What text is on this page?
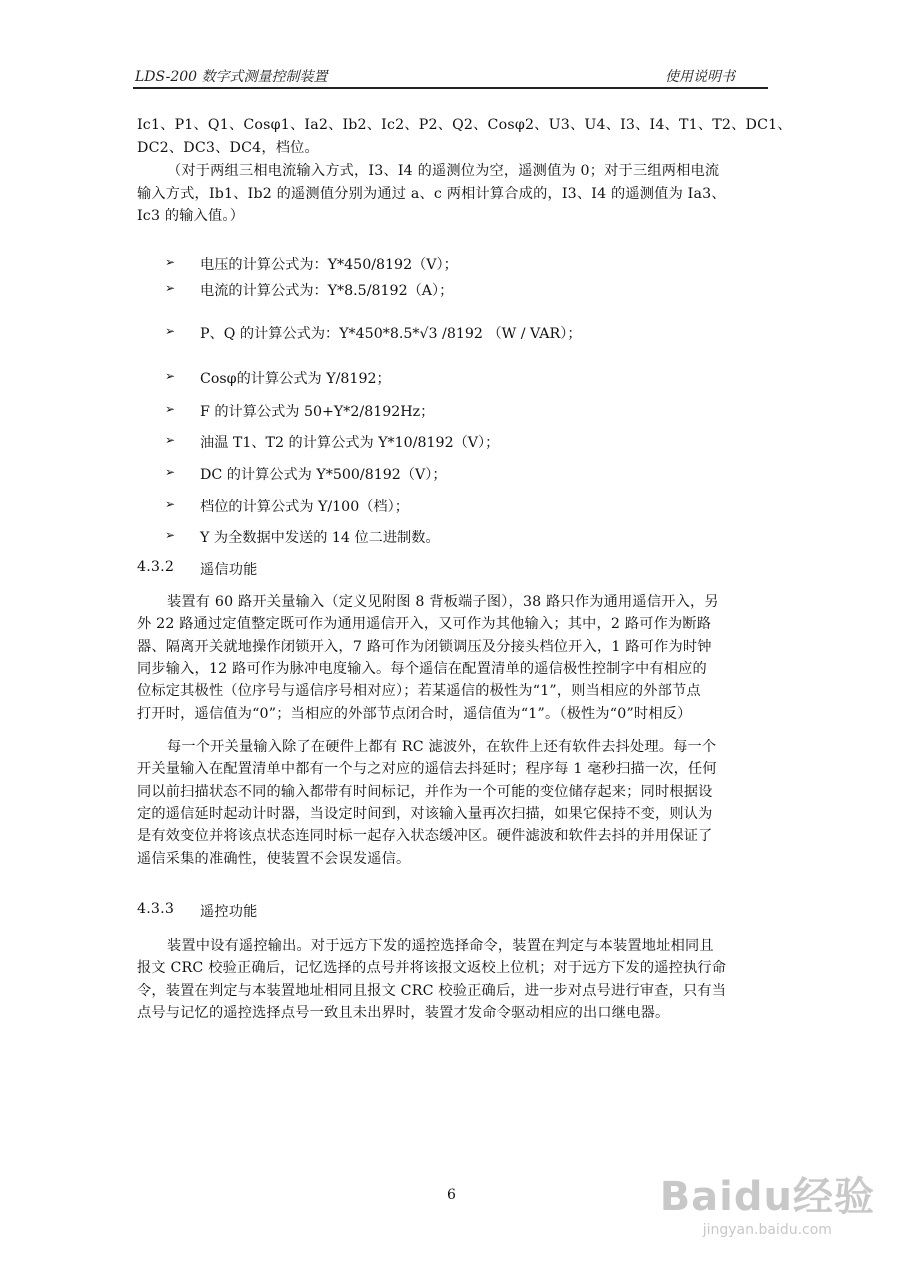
LDS-200 数字式测量控制装置	使用说明书
Ic1、P1、Q1、Cosφ1、Ia2、Ib2、Ic2、P2、Q2、Cosφ2、U3、U4、I3、I4、T1、T2、DC1、
DC2、DC3、DC4，档位。
（对于两组三相电流输入方式，I3、I4 的遥测位为空，遥测值为 0；对于三组两相电流
输入方式，Ib1、Ib2 的遥测值分别为通过 a、c 两相计算合成的，I3、I4 的遥测值为 Ia3、
Ic3 的输入值。）
➢ 电压的计算公式为：Y*450/8192（V）；
➢ 电流的计算公式为：Y*8.5/8192（A）；
➢ P、Q 的计算公式为：Y*450*8.5*√3 /8192 （W / VAR）；
➢ Cosφ的计算公式为 Y/8192；
➢ F 的计算公式为 50+Y*2/8192Hz；
➢ 油温 T1、T2 的计算公式为 Y*10/8192（V）；
➢ DC 的计算公式为 Y*500/8192（V）；
➢ 档位的计算公式为 Y/100（档）；
➢ Y 为全数据中发送的 14 位二进制数。
4.3.2 遥信功能
装置有 60 路开关量输入（定义见附图 8 背板端子图），38 路只作为通用遥信开入，另
外 22 路通过定值整定既可作为通用遥信开入，又可作为其他输入；其中，2 路可作为断路
器、隔离开关就地操作闭锁开入，7 路可作为闭锁调压及分接头档位开入，1 路可作为时钟
同步输入，12 路可作为脉冲电度输入。每个遥信在配置清单的遥信极性控制字中有相应的
位标定其极性（位序号与遥信序号相对应）；若某遥信的极性为“1”，则当相应的外部节点
打开时，遥信值为“0”；当相应的外部节点闭合时，遥信值为“1”。（极性为“0”时相反）
每一个开关量输入除了在硬件上都有 RC 滤波外，在软件上还有软件去抖处理。每一个
开关量输入在配置清单中都有一个与之对应的遥信去抖延时；程序每 1 毫秒扫描一次，任何
同以前扫描状态不同的输入都带有时间标记，并作为一个可能的变位储存起来；同时根据设
定的遥信延时起动计时器，当设定时间到，对该输入量再次扫描，如果它保持不变，则认为
是有效变位并将该点状态连同时标一起存入状态缓冲区。硬件滤波和软件去抖的并用保证了
遥信采集的准确性，使装置不会误发遥信。
4.3.3 遥控功能
装置中设有遥控输出。对于远方下发的遥控选择命令，装置在判定与本装置地址相同且
报文 CRC 校验正确后，记忆选择的点号并将该报文返校上位机；对于远方下发的遥控执行命
令，装置在判定与本装置地址相同且报文 CRC 校验正确后，进一步对点号进行审查，只有当
点号与记忆的遥控选择点号一致且未出界时，装置才发命令驱动相应的出口继电器。
6	Baidu经验
jingyan.baidu.com
